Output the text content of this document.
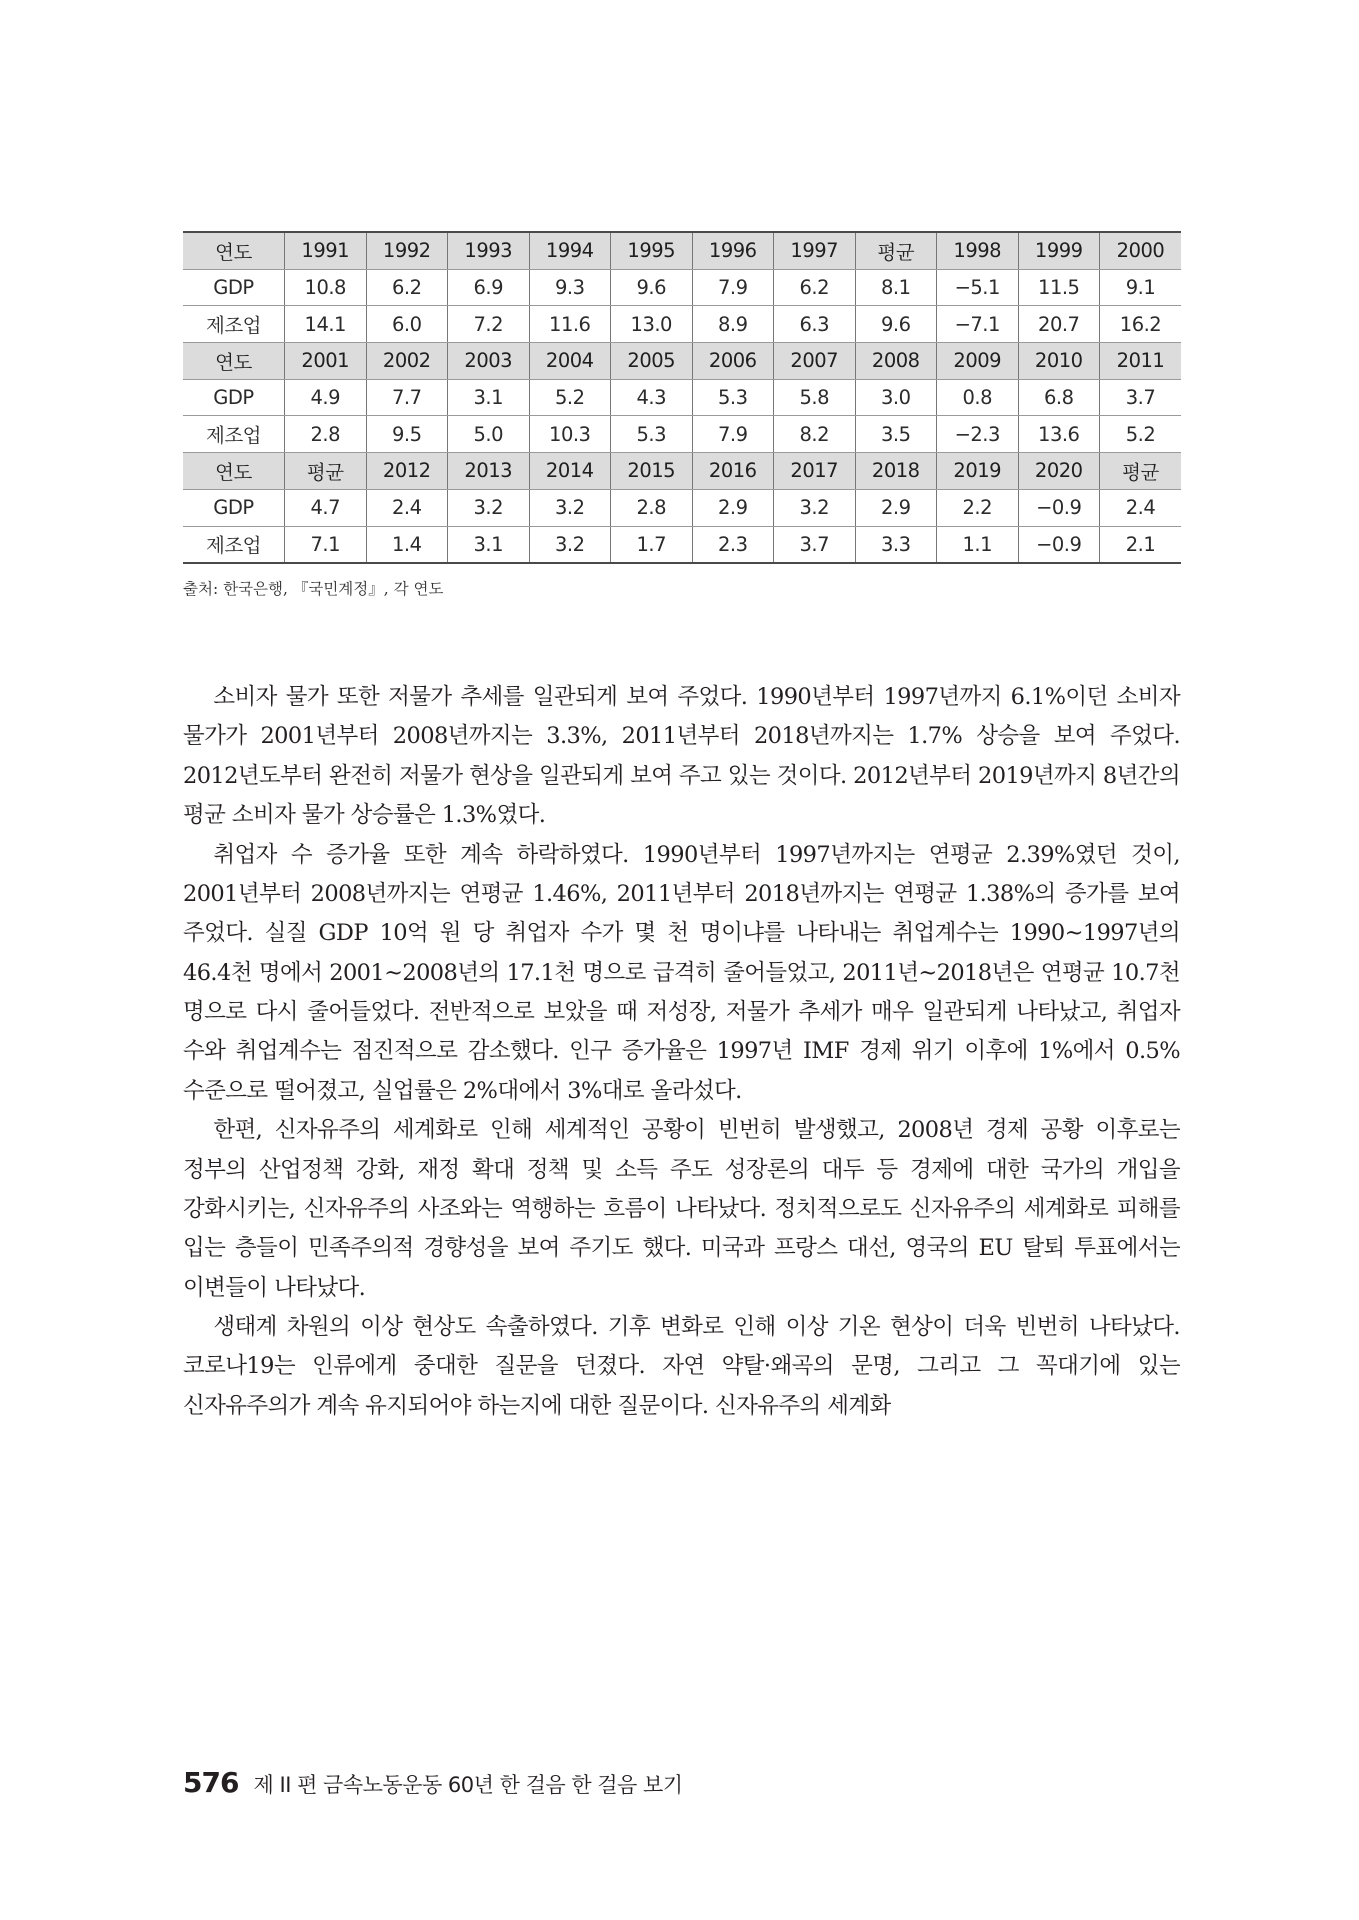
연도	1991	1992	1993	1994	1995	1996	1997	평균	1998	1999	2000
GDP	10.8	6.2	6.9	9.3	9.6	7.9	6.2	8.1	−5.1	11.5	9.1
제조업	14.1	6.0	7.2	11.6	13.0	8.9	6.3	9.6	−7.1	20.7	16.2
연도	2001	2002	2003	2004	2005	2006	2007	2008	2009	2010	2011
GDP	4.9	7.7	3.1	5.2	4.3	5.3	5.8	3.0	0.8	6.8	3.7
제조업	2.8	9.5	5.0	10.3	5.3	7.9	8.2	3.5	−2.3	13.6	5.2
연도	평균	2012	2013	2014	2015	2016	2017	2018	2019	2020	평균
GDP	4.7	2.4	3.2	3.2	2.8	2.9	3.2	2.9	2.2	−0.9	2.4
제조업	7.1	1.4	3.1	3.2	1.7	2.3	3.7	3.3	1.1	−0.9	2.1
출처: 한국은행, 『국민계정』, 각 연도

소비자 물가 또한 저물가 추세를 일관되게 보여 주었다. 1990년부터 1997년까지 6.1%이던 소비자 물가가 2001년부터 2008년까지는 3.3%, 2011년부터 2018년까지는 1.7% 상승을 보여 주었다. 2012년도부터 완전히 저물가 현상을 일관되게 보여 주고 있는 것이다. 2012년부터 2019년까지 8년간의 평균 소비자 물가 상승률은 1.3%였다.

취업자 수 증가율 또한 계속 하락하였다. 1990년부터 1997년까지는 연평균 2.39%였던 것이, 2001년부터 2008년까지는 연평균 1.46%, 2011년부터 2018년까지는 연평균 1.38%의 증가를 보여 주었다. 실질 GDP 10억 원 당 취업자 수가 몇 천 명이냐를 나타내는 취업계수는 1990~1997년의 46.4천 명에서 2001~2008년의 17.1천 명으로 급격히 줄어들었고, 2011년~2018년은 연평균 10.7천 명으로 다시 줄어들었다. 전반적으로 보았을 때 저성장, 저물가 추세가 매우 일관되게 나타났고, 취업자 수와 취업계수는 점진적으로 감소했다. 인구 증가율은 1997년 IMF 경제 위기 이후에 1%에서 0.5% 수준으로 떨어졌고, 실업률은 2%대에서 3%대로 올라섰다.

한편, 신자유주의 세계화로 인해 세계적인 공황이 빈번히 발생했고, 2008년 경제 공황 이후로는 정부의 산업정책 강화, 재정 확대 정책 및 소득 주도 성장론의 대두 등 경제에 대한 국가의 개입을 강화시키는, 신자유주의 사조와는 역행하는 흐름이 나타났다. 정치적으로도 신자유주의 세계화로 피해를 입는 층들이 민족주의적 경향성을 보여 주기도 했다. 미국과 프랑스 대선, 영국의 EU 탈퇴 투표에서는 이변들이 나타났다.

생태계 차원의 이상 현상도 속출하였다. 기후 변화로 인해 이상 기온 현상이 더욱 빈번히 나타났다. 코로나19는 인류에게 중대한 질문을 던졌다. 자연 약탈·왜곡의 문명, 그리고 그 꼭대기에 있는 신자유주의가 계속 유지되어야 하는지에 대한 질문이다. 신자유주의 세계화

576 제 II 편 금속노동운동 60년 한 걸음 한 걸음 보기
